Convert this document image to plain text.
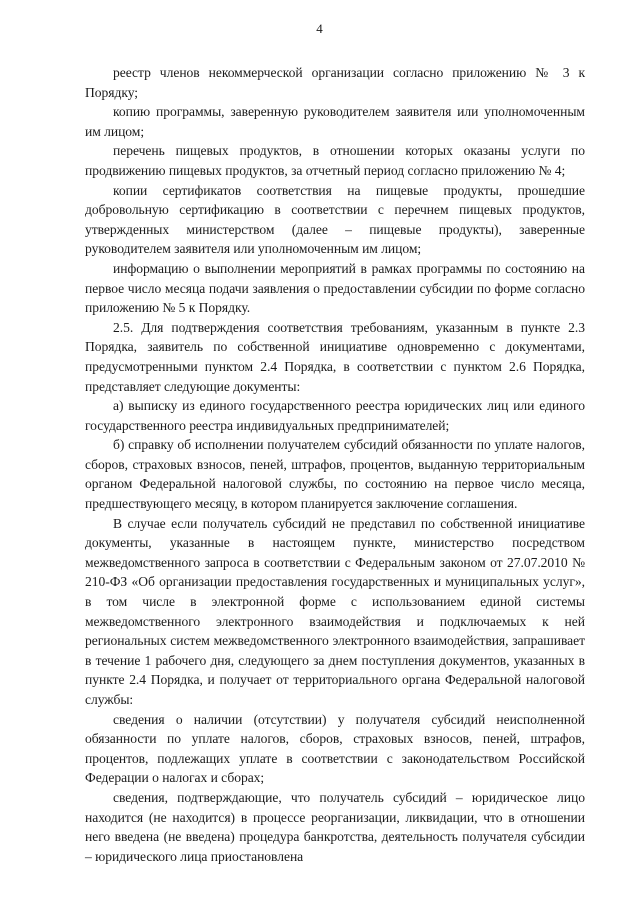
4

реестр членов некоммерческой организации согласно приложению № 3 к Порядку;

копию программы, заверенную руководителем заявителя или уполномоченным им лицом;

перечень пищевых продуктов, в отношении которых оказаны услуги по продвижению пищевых продуктов, за отчетный период согласно приложению № 4;

копии сертификатов соответствия на пищевые продукты, прошедшие добровольную сертификацию в соответствии с перечнем пищевых продуктов, утвержденных министерством (далее – пищевые продукты), заверенные руководителем заявителя или уполномоченным им лицом;

информацию о выполнении мероприятий в рамках программы по состоянию на первое число месяца подачи заявления о предоставлении субсидии по форме согласно приложению № 5 к Порядку.

2.5. Для подтверждения соответствия требованиям, указанным в пункте 2.3 Порядка, заявитель по собственной инициативе одновременно с документами, предусмотренными пунктом 2.4 Порядка, в соответствии с пунктом 2.6 Порядка, представляет следующие документы:

а) выписку из единого государственного реестра юридических лиц или единого государственного реестра индивидуальных предпринимателей;

б) справку об исполнении получателем субсидий обязанности по уплате налогов, сборов, страховых взносов, пеней, штрафов, процентов, выданную территориальным органом Федеральной налоговой службы, по состоянию на первое число месяца, предшествующего месяцу, в котором планируется заключение соглашения.

В случае если получатель субсидий не представил по собственной инициативе документы, указанные в настоящем пункте, министерство посредством межведомственного запроса в соответствии с Федеральным законом от 27.07.2010 № 210-ФЗ «Об организации предоставления государственных и муниципальных услуг», в том числе в электронной форме с использованием единой системы межведомственного электронного взаимодействия и подключаемых к ней региональных систем межведомственного электронного взаимодействия, запрашивает в течение 1 рабочего дня, следующего за днем поступления документов, указанных в пункте 2.4 Порядка, и получает от территориального органа Федеральной налоговой службы:

сведения о наличии (отсутствии) у получателя субсидий неисполненной обязанности по уплате налогов, сборов, страховых взносов, пеней, штрафов, процентов, подлежащих уплате в соответствии с законодательством Российской Федерации о налогах и сборах;

сведения, подтверждающие, что получатель субсидий – юридическое лицо находится (не находится) в процессе реорганизации, ликвидации, что в отношении него введена (не введена) процедура банкротства, деятельность получателя субсидии – юридического лица приостановлена
